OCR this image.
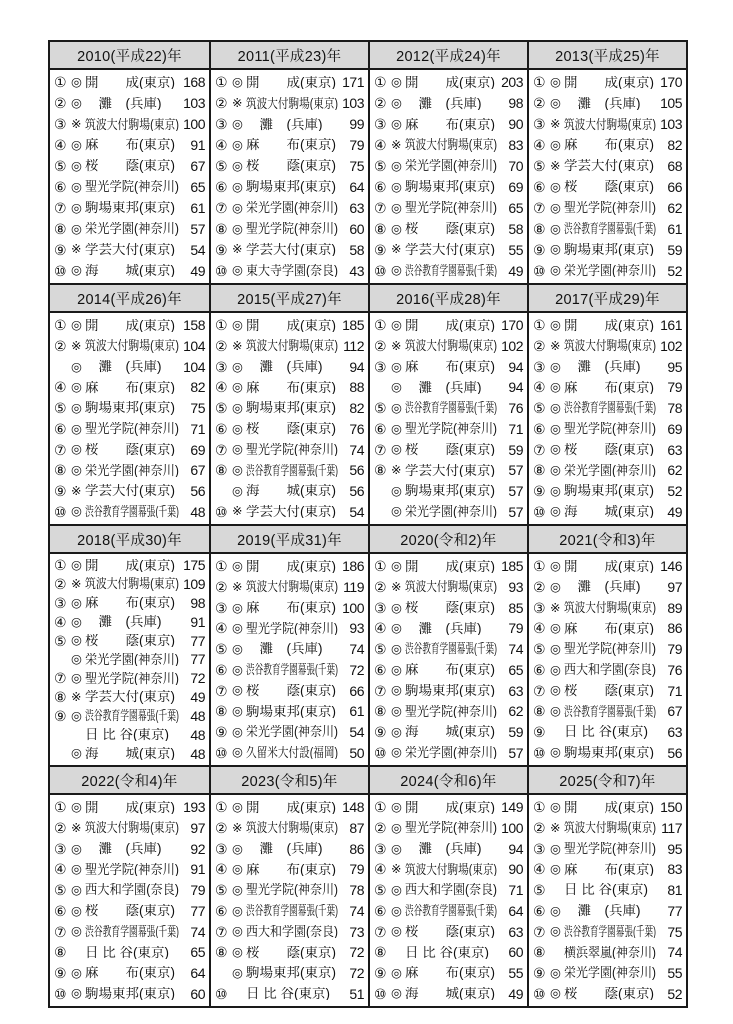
2010(平成22)年
① ◎ 開　　成(東京) 168
② ◎ 　灘　(兵庫)	103
③ ※ 筑波大付駒場(東京) 100
④ ◎ 麻　　布(東京)	91
⑤ ◎ 桜　　蔭(東京)	67
⑥ ◎ 聖光学院(神奈川) 65
⑦ ◎ 駒場東邦(東京)	61
⑧ ◎ 栄光学園(神奈川) 57
⑨ ※ 学芸大付(東京)	54
⑩ ◎ 海　　城(東京)	49
2011(平成23)年
① ◎ 開　　成(東京) 171
② ※ 筑波大付駒場(東京) 103
③ ◎ 　灘　(兵庫)	99
④ ◎ 麻　　布(東京) 79
⑤ ◎ 桜　　蔭(東京) 75
⑥ ◎ 駒場東邦(東京) 64
⑦ ◎ 栄光学園(神奈川) 63
⑧ ◎ 聖光学院(神奈川) 60
⑨ ※ 学芸大付(東京) 58
⑩ ◎ 東大寺学園(奈良) 43
2012(平成24)年
① ◎ 開　　成(東京) 203
② ◎ 　灘　(兵庫)	98
③ ◎ 麻　　布(東京) 90
④ ※ 筑波大付駒場(東京) 83
⑤ ◎ 栄光学園(神奈川) 70
⑥ ◎ 駒場東邦(東京) 69
⑦ ◎ 聖光学院(神奈川) 65
⑧ ◎ 桜　　蔭(東京) 58
⑨ ※ 学芸大付(東京) 55
⑩ ◎ 渋谷教育学園幕張(千葉) 49
2013(平成25)年
① ◎ 開　　成(東京) 170
② ◎ 　灘　(兵庫)	105
③ ※ 筑波大付駒場(東京) 103
④ ◎ 麻　　布(東京) 82
⑤ ※ 学芸大付(東京) 68
⑥ ◎ 桜　　蔭(東京) 66
⑦ ◎ 聖光学院(神奈川) 62
⑧ ◎ 渋谷教育学園幕張(千葉) 61
⑨ ◎ 駒場東邦(東京) 59
⑩ ◎ 栄光学園(神奈川) 52
2014(平成26)年
① ◎ 開　　成(東京) 158
② ※ 筑波大付駒場(東京) 104
◎ 　灘　(兵庫)	104
④ ◎ 麻　　布(東京)	82
⑤ ◎ 駒場東邦(東京)	75
⑥ ◎ 聖光学院(神奈川) 71
⑦ ◎ 桜　　蔭(東京)	69
⑧ ◎ 栄光学園(神奈川) 67
⑨ ※ 学芸大付(東京)	56
⑩ ◎ 渋谷教育学園幕張(千葉) 48
2015(平成27)年
① ◎ 開　　成(東京) 185
② ※ 筑波大付駒場(東京) 112
③ ◎ 　灘　(兵庫)	94
④ ◎ 麻　　布(東京) 88
⑤ ◎ 駒場東邦(東京) 82
⑥ ◎ 桜　　蔭(東京) 76
⑦ ◎ 聖光学院(神奈川) 74
⑧ ◎ 渋谷教育学園幕張(千葉) 56
◎ 海　　城(東京) 56
⑩ ※ 学芸大付(東京) 54
2016(平成28)年
① ◎ 開　　成(東京) 170
② ※ 筑波大付駒場(東京) 102
③ ◎ 麻　　布(東京) 94
◎ 　灘　(兵庫)	94
⑤ ◎ 渋谷教育学園幕張(千葉) 76
⑥ ◎ 聖光学院(神奈川) 71
⑦ ◎ 桜　　蔭(東京) 59
⑧ ※ 学芸大付(東京) 57
◎ 駒場東邦(東京) 57
◎ 栄光学園(神奈川) 57
2017(平成29)年
① ◎ 開　　成(東京) 161
② ※ 筑波大付駒場(東京) 102
③ ◎ 　灘　(兵庫)	95
④ ◎ 麻　　布(東京) 79
⑤ ◎ 渋谷教育学園幕張(千葉) 78
⑥ ◎ 聖光学院(神奈川) 69
⑦ ◎ 桜　　蔭(東京) 63
⑧ ◎ 栄光学園(神奈川) 62
⑨ ◎ 駒場東邦(東京) 52
⑩ ◎ 海　　城(東京) 49
2018(平成30)年
① ◎ 開　　成(東京) 175
② ※ 筑波大付駒場(東京) 109
③ ◎ 麻　　布(東京)	98
④ ◎ 　灘　(兵庫)	91
⑤ ◎ 桜　　蔭(東京)	77
◎ 栄光学園(神奈川) 77
⑦ ◎ 聖光学院(神奈川) 72
⑧ ※ 学芸大付(東京)	49
⑨ ◎ 渋谷教育学園幕張(千葉) 48
日 比 谷(東京)	48
◎ 海　　城(東京)	48
2019(平成31)年
① ◎ 開　　成(東京) 186
② ※ 筑波大付駒場(東京) 119
③ ◎ 麻　　布(東京) 100
④ ◎ 聖光学院(神奈川) 93
⑤ ◎ 　灘　(兵庫)	74
⑥ ◎ 渋谷教育学園幕張(千葉) 72
⑦ ◎ 桜　　蔭(東京) 66
⑧ ◎ 駒場東邦(東京) 61
⑨ ◎ 栄光学園(神奈川) 54
⑩ ◎ 久留米大付設(福岡) 50
2020(令和2)年
① ◎ 開　　成(東京) 185
② ※ 筑波大付駒場(東京) 93
③ ◎ 桜　　蔭(東京) 85
④ ◎ 　灘　(兵庫)	79
⑤ ◎ 渋谷教育学園幕張(千葉) 74
⑥ ◎ 麻　　布(東京) 65
⑦ ◎ 駒場東邦(東京) 63
⑧ ◎ 聖光学院(神奈川) 62
⑨ ◎ 海　　城(東京) 59
⑩ ◎ 栄光学園(神奈川) 57
2021(令和3)年
① ◎ 開　　成(東京) 146
② ◎ 　灘　(兵庫)	97
③ ※ 筑波大付駒場(東京) 89
④ ◎ 麻　　布(東京) 86
⑤ ◎ 聖光学院(神奈川) 79
⑥ ◎ 西大和学園(奈良) 76
⑦ ◎ 桜　　蔭(東京) 71
⑧ ◎ 渋谷教育学園幕張(千葉) 67
⑨	日 比 谷(東京)	63
⑩ ◎ 駒場東邦(東京) 56
2022(令和4)年
① ◎ 開　　成(東京) 193
② ※ 筑波大付駒場(東京) 97
③ ◎ 　灘　(兵庫)	92
④ ◎ 聖光学院(神奈川) 91
⑤ ◎ 西大和学園(奈良) 79
⑥ ◎ 桜　　蔭(東京)	77
⑦ ◎ 渋谷教育学園幕張(千葉) 74
⑧	日 比 谷(東京)	65
⑨ ◎ 麻　　布(東京)	64
⑩ ◎ 駒場東邦(東京)	60
2023(令和5)年
① ◎ 開　　成(東京) 148
② ※ 筑波大付駒場(東京) 87
③ ◎ 　灘　(兵庫)	86
④ ◎ 麻　　布(東京) 79
⑤ ◎ 聖光学院(神奈川) 78
⑥ ◎ 渋谷教育学園幕張(千葉) 74
⑦ ◎ 西大和学園(奈良) 73
⑧ ◎ 桜　　蔭(東京) 72
◎ 駒場東邦(東京) 72
⑩	日 比 谷(東京)	51
2024(令和6)年
① ◎ 開　　成(東京) 149
② ◎ 聖光学院(神奈川) 100
③ ◎ 　灘　(兵庫)	94
④ ※ 筑波大付駒場(東京) 90
⑤ ◎ 西大和学園(奈良) 71
⑥ ◎ 渋谷教育学園幕張(千葉) 64
⑦ ◎ 桜　　蔭(東京) 63
⑧	日 比 谷(東京)	60
⑨ ◎ 麻　　布(東京) 55
⑩ ◎ 海　　城(東京) 49
2025(令和7)年
① ◎ 開　　成(東京) 150
② ※ 筑波大付駒場(東京) 117
③ ◎ 聖光学院(神奈川) 95
④ ◎ 麻　　布(東京) 83
⑤	日 比 谷(東京)	81
⑥ ◎ 　灘　(兵庫)	77
⑦ ◎ 渋谷教育学園幕張(千葉) 75
⑧	横浜翠嵐(神奈川) 74
⑨ ◎ 栄光学園(神奈川) 55
⑩ ◎ 桜　　蔭(東京) 52
